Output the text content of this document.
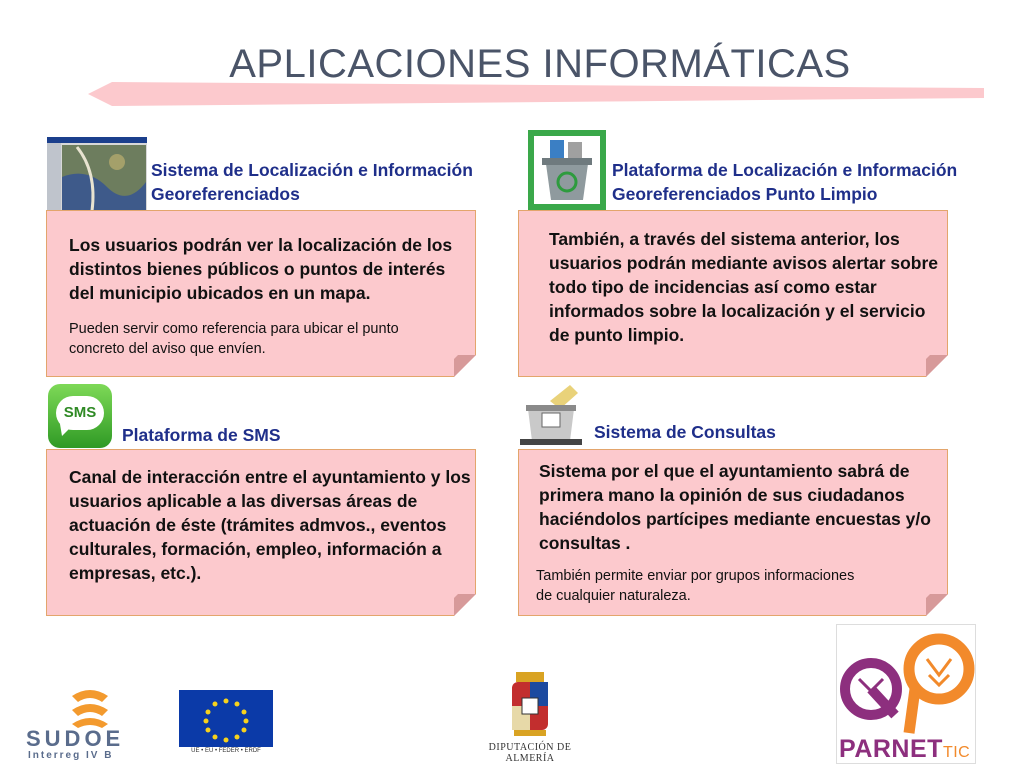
APLICACIONES INFORMÁTICAS
Sistema de Localización e Información
Georeferenciados
Los usuarios podrán ver la localización de los
distintos bienes públicos o puntos de interés
del municipio ubicados en un mapa.
Pueden servir como referencia para ubicar el punto
concreto del aviso que envíen.
Plataforma de Localización e Información
Georeferenciados Punto Limpio
También, a través del sistema anterior, los
usuarios podrán mediante avisos alertar sobre
todo tipo de incidencias así como estar
informados sobre la localización y el servicio
de punto limpio.
SMS
Plataforma de SMS
Canal de interacción entre el ayuntamiento y los
usuarios aplicable a las diversas áreas de
actuación de éste (trámites admvos., eventos
culturales, formación, empleo, información a
empresas, etc.).
Sistema de Consultas
Sistema por el que el ayuntamiento sabrá de
primera mano la opinión de sus ciudadanos
haciéndolos partícipes mediante encuestas y/o
consultas .
También permite enviar por grupos informaciones
de cualquier naturaleza.
SUDOE
Interreg IV B	UE • EU • FEDER • ERDF	DIPUTACIÓN DE ALMERÍA	PARNETTIC
